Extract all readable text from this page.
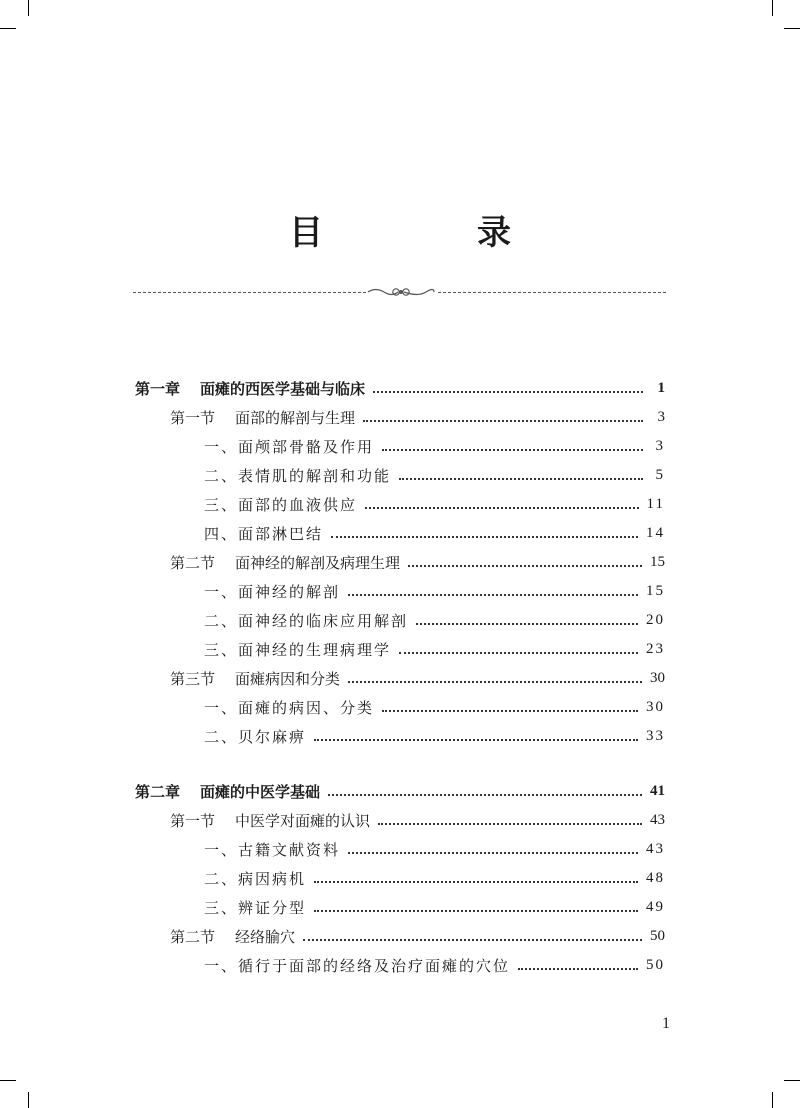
目　录
第一章 面瘫的西医学基础与临床	1
第一节 面部的解剖与生理	3
一、面颅部骨骼及作用	3
二、表情肌的解剖和功能	5
三、面部的血液供应	11
四、面部淋巴结	14
第二节 面神经的解剖及病理生理	15
一、面神经的解剖	15
二、面神经的临床应用解剖	20
三、面神经的生理病理学	23
第三节 面瘫病因和分类	30
一、面瘫的病因、分类	30
二、贝尔麻痹	33
第二章 面瘫的中医学基础	41
第一节 中医学对面瘫的认识	43
一、古籍文献资料	43
二、病因病机	48
三、辨证分型	49
第二节 经络腧穴	50
一、循行于面部的经络及治疗面瘫的穴位	50
1
